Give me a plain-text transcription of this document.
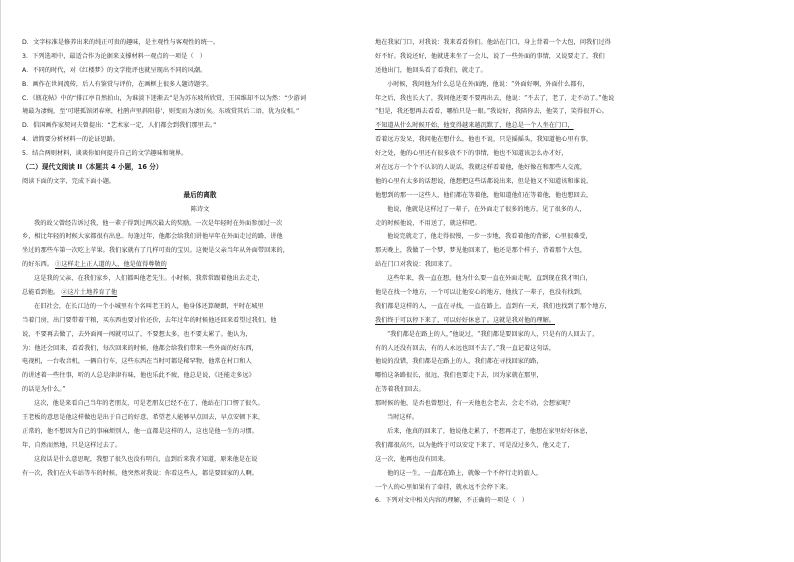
D．文字标准是修养出来的纯正可贵的趣味，是主观性与客观性的统一。
3．下列选项中，最适合作为论据来支撑材料一观点的一项是（　）
A．不同的时代，对《红楼梦》的文学批评也就呈现出不同的风潮。
B．画作在世间流传，后人有鉴赏与评价，在画框上很多人题诗题字。
C．《瓶花帖》中的“排江亭自然拍山，为谁淡下迷渐去”是为苏东坡所欣赏，王国维却不以为然：“少游词
境最为凄婉，至‘可堪孤馆闭春寒，杜鹃声里斜阳暮’，则变而为凄厉矣。东坡赏其后二语，犹为皮相。”
D．倡国画作家契诃夫曾提出：“艺术家一定，人们都会到我们那里去。”
4．请简要分析材料一的论证思路。
5．结合两则材料，谈谈你如何提升自己的文学趣味和境界。
（二）现代文阅读 II（本题共 4 小题，16 分）
阅读下面的文字，完成下面小题。
最后的离散
陈诗文
我的故父曾经告诉过我，他一辈子得到过两次最大的奖励。一次是年轻时在外面参加过一次
乡，相比年轻的时候大家都很有出息。每逢过年，他都会给我们讲他早年在外面走过的路，讲他
坐过的那些车第一次吃上苹果。我们家就有了几样可贵的宝贝。这便是父亲当年从外面带回来的，
的好东西。 ①这样走上正人道的人，他是值得尊敬的
这是我的父亲，在我们家乡，人们都叫他老先生。小时候，我常常跟着他出去走走，
总能看到他。 ②这片土地养育了他
在旧社会，在长江边的一个小城里有个名叫老王的人，他身体还算硬朗，平时在城里
当着门房，出门要带着干粮，买东西也要讨价还价，去年过年的时候他还回来看望过我们，他
说，不要再去做了，去外面闯一闯就可以了，不要想太多，也不要太累了。他认为，
为：他还会回来，看看我们，每次回来的时候，他都会给我们带来一些外面的好东西，
电视机，一台收音机，一辆自行车，这些东西在当时可都是稀罕物，他常在村口和人
的讲述着一些往事，听的人总是津津有味，他也乐此不疲，他总是说，《还能走多远》
的话是为什么。”
这次，他是来看自己当年的老朋友，可是老朋友已经不在了，他站在门口愣了很久。
王老板的意思是他这样做也是出于自己的好意，希望老人能够早点回去，早点安顿下来，
正常的，他不想因为自己的事麻烦别人，他一直都是这样的人，这也是他一生的习惯。
年，自然而然地，只是这样过去了。
这段话是什么意思呢，我想了很久也没有明白，直到后来我才知道，原来他是在说
有一次，我们在火车站等车的时候，他突然对我说：你看这些人，都是要回家的人啊。
地在我家门口，对我说：我来看看你们。他站在门口，身上背着一个大包，问我们过得
好不好。我说还好，他就进来坐了一会儿，说了一些外面的事情，又说要走了，我们
送他出门，他回头看了看我们，就走了。
小时候，我问他为什么总是在外面跑，他说：“外面好啊，外面什么都有，
年之后，我也长大了，我问他还要不要再出去，他说：“不去了，老了，走不动了。”他说
“但是，我还想再去看看，哪怕只是一眼。”我说好，我陪你去，他笑了，笑得很开心。
不知道从什么时候开始，他变得越来越沉默了，他总是一个人坐在门口，
看着远方发呆，我问他在想什么，他也不说，只是摇摇头，我知道他心里有事，
好之处，他的心里还有很多放不下的事情，他也不知道该怎么办才好，
对在远方一个个不认识的人说话，我就这样看着他，他好像在和那些人交流，
他的心里有太多的话想说，他想把这些话都说出来，但是他又不知道该和谁说，
他想到的那一一这些人，他们都在等着他，他知道他们在等着他，他也想回去，
他说，他就是这样过了一辈子，在外面走了很多的地方，见了很多的人，
走的时候他说，不用送了，就这样吧。
他说完就走了，他走得很慢，一步一步地，我看着他的背影，心里很难受，
那天晚上，我做了一个梦，梦见他回来了，他还是那个样子，背着那个大包，
站在门口对我说：我回来了。
这些年来，我一直在想，他为什么要一直在外面走呢，直到现在我才明白，
他是在找一个地方，一个可以让他安心的地方，他找了一辈子，也没有找到，
我们都是这样的人，一直在寻找，一直在路上，直到有一天，我们也找到了那个地方，
我们终于可以停下来了，可以好好休息了。这就是我对他的理解。
“我们都是在路上的人，”他说过，“我们都是要回家的人，只是有的人回去了，
有的人还没有回去，有的人永远也回不去了。”我一直记着这句话，
他说的没错，我们都是在路上的人，我们都在寻找回家的路，
哪怕这条路很长，很远，我们也要走下去，因为家就在那里，
在等着我们回去。
那时候的他，是否也曾想过，有一天他也会老去，会走不动，会想家呢？
当时这样。
后来，他真的回来了，他说他走累了，不想再走了，他想在家里好好休息，
我们都很高兴，以为他终于可以安定下来了，可是没过多久，他又走了，
这一次，他再也没有回来。
他的这一生，一直都在路上，就像一个不停行走的旅人，
一个人的心里如果有了牵挂，就永远不会停下来。
6．下列对文中相关内容的理解，不正确的一项是（　）
